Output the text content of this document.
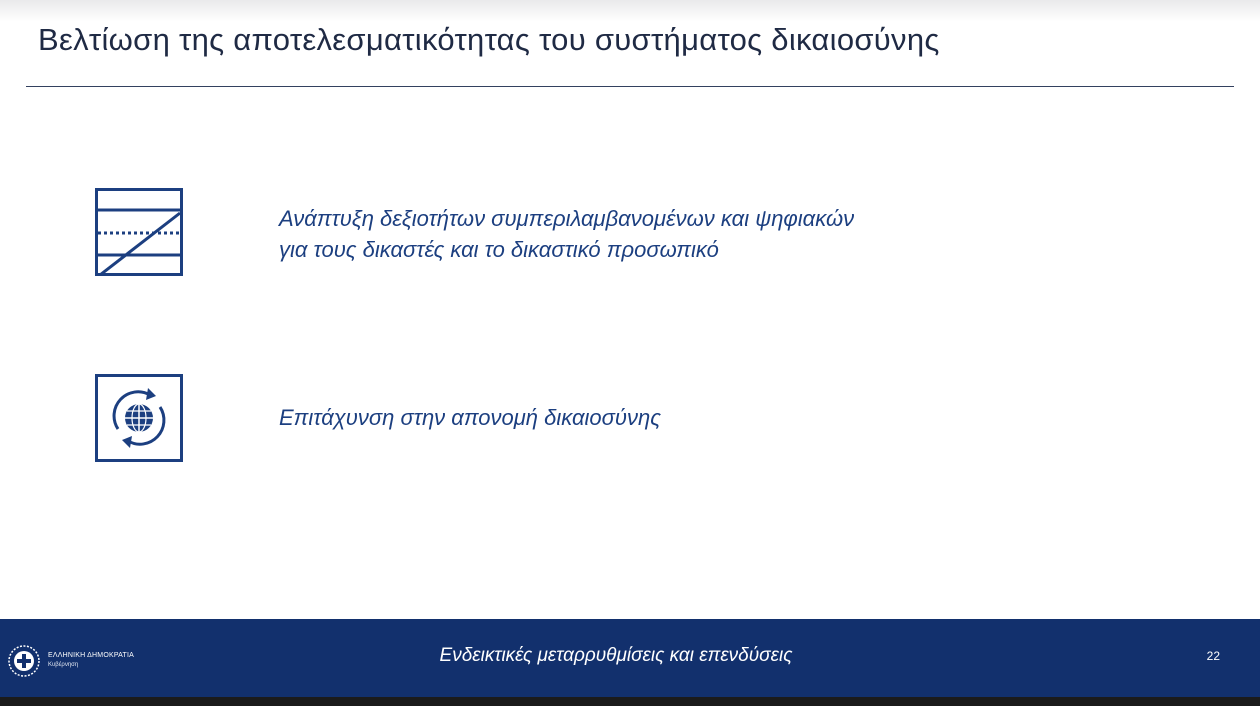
Βελτίωση της αποτελεσματικότητας του συστήματος δικαιοσύνης
Ανάπτυξη δεξιοτήτων συμπεριλαμβανομένων και ψηφιακών
για τους δικαστές και το δικαστικό προσωπικό
Επιτάχυνση στην απονομή δικαιοσύνης
ΕΛΛΗΝΙΚΗ ΔΗΜΟΚΡΑΤΙΑ
Κυβέρνηση	Ενδεικτικές μεταρρυθμίσεις και επενδύσεις	22
